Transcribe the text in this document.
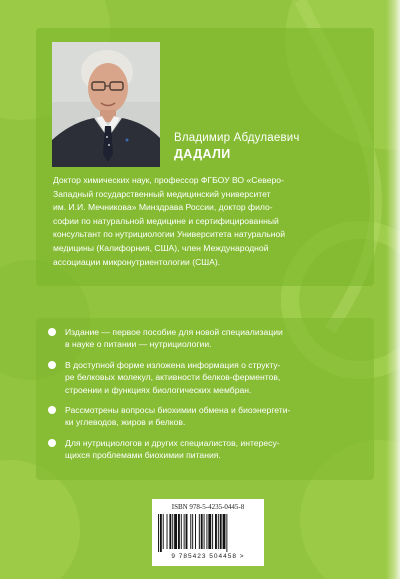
Владимир Абдулаевич
ДАДАЛИ
Доктор химических наук, профессор ФГБОУ ВО «Северо-
Западный государственный медицинский университет
им. И.И. Мечникова» Минздрава России, доктор фило-
софии по натуральной медицине и сертифицированный
консультант по нутрициологии Университета натуральной
медицины (Калифорния, США), член Международной
ассоциации микронутриентологии (США).
Издание — первое пособие для новой специализации
в науке о питании — нутрициологии.
В доступной форме изложена информация о структу-
ре белковых молекул, активности белков-ферментов,
строении и функциях биологических мембран.
Рассмотрены вопросы биохимии обмена и биоэнергети-
ки углеводов, жиров и белков.
Для нутрициологов и других специалистов, интересу-
щихся проблемами биохимии питания.
ISBN 978-5-4235-0445-8
9 785423 504458 >
